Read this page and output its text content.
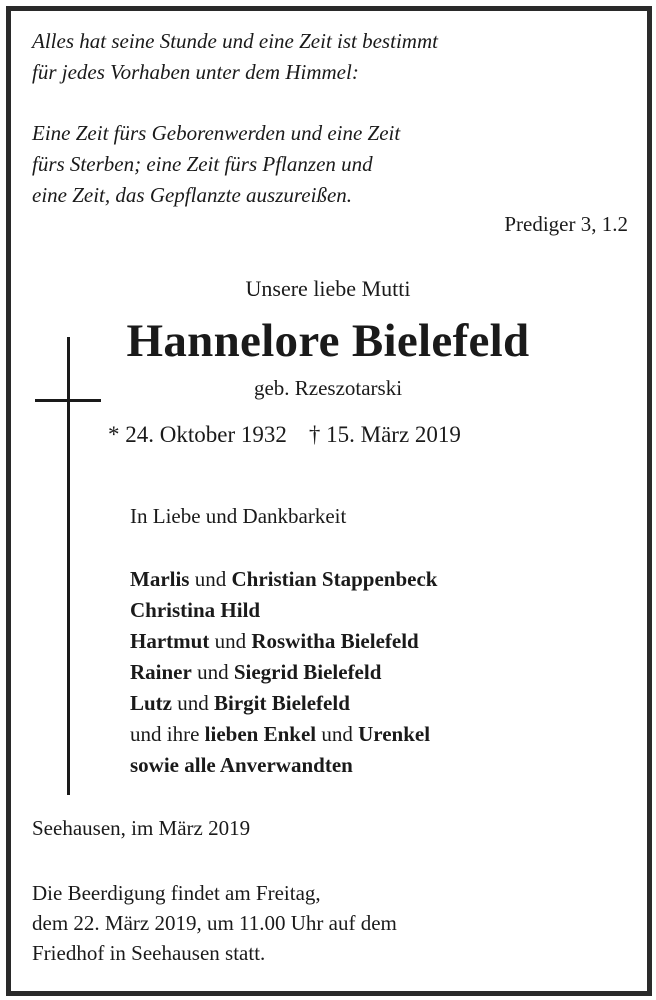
Alles hat seine Stunde und eine Zeit ist bestimmt
für jedes Vorhaben unter dem Himmel:
Eine Zeit fürs Geborenwerden und eine Zeit
fürs Sterben; eine Zeit fürs Pflanzen und
eine Zeit, das Gepflanzte auszureißen.
Prediger 3, 1.2
Unsere liebe Mutti
Hannelore Bielefeld
geb. Rzeszotarski
* 24. Oktober 1932 † 15. März 2019
In Liebe und Dankbarkeit
Marlis und Christian Stappenbeck
Christina Hild
Hartmut und Roswitha Bielefeld
Rainer und Siegrid Bielefeld
Lutz und Birgit Bielefeld
und ihre lieben Enkel und Urenkel
sowie alle Anverwandten
Seehausen, im März 2019
Die Beerdigung findet am Freitag,
dem 22. März 2019, um 11.00 Uhr auf dem
Friedhof in Seehausen statt.
